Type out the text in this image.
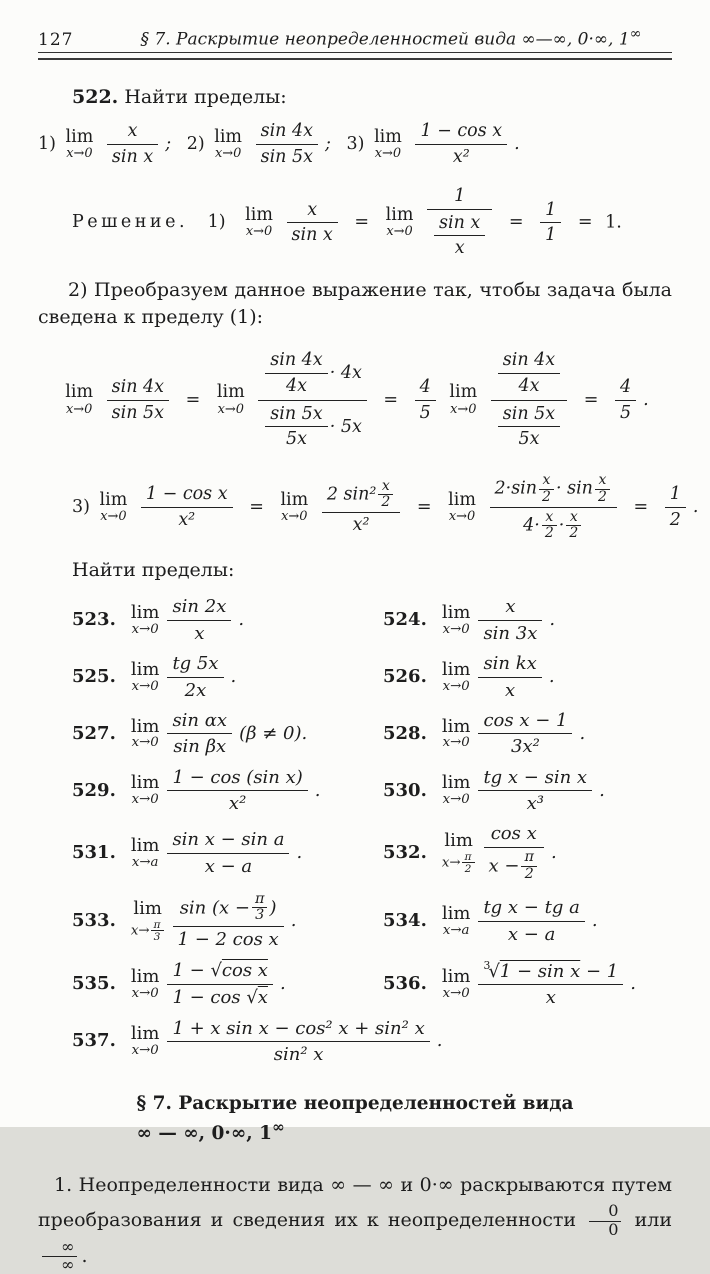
127	§ 7. Раскрытие неопределенностей вида ∞—∞, 0·∞, 1∞

522. Найти пределы:

1) lim
x→0
$\frac{x}{\text{sin x}}$ ; 2) lim
x→0
$\frac{\sin 4x}{\sin 5x}$ ; 3) lim
x→0
$\frac{\text{1 − cos x}}{\text{x²}}$ .
Решение. 1) lim
x→0
$\frac{x}{\text{sin x}} = \lim$
x→0
$\frac{1}{\frac{\text{sin x}}{x}} = \frac{1}{1} = 1$.

2) Преобразуем данное выражение так, чтобы задача была сведена к пределу (1):

lim
x→0
$\frac{\sin 4x}{\sin 5x} = \lim$
x→0
$\frac{\frac{\sin 4x}{4x} \cdot 4x}{\frac{\sin 5x}{5x} \cdot 5x} = \frac{4}{5}$
lim
x→0
$\frac{\frac{\sin 4x}{4x}}{\frac{\sin 5x}{5x}} = \frac{4}{5}$ .
3) lim
x→0
$\frac{\text{1 − cos x}}{\text{x²}} = \lim$
x→0
$\frac{2 \sin^2 \frac{x}{2}}{\text{x²}} = \lim$
x→0
$\frac{2\cdot\sin \frac{x}{2} \cdot \sin \frac{x}{2}}{4\cdot \frac{x}{2} \cdot \frac{x}{2}} = \frac{1}{2}$ .

Найти пределы:

523. lim
$x\to 0 \frac{\sin 2x}{x}$ .	524. lim
$x\to 0 \frac{x}{\sin 3x}$ .
525. lim
$x\to 0 \frac{tg 5x}{2x}$ .	526. lim
$x\to 0 \frac{\text{sin kx}}{x}$ .
527. lim
$x\to 0 \frac{\text{sin αx}}{\text{sin βx}} (\beta \ne 0)$.	528. lim
$x\to 0 \frac{\text{cos x − 1}}{\text{3x²}}$ .
529. lim
$x\to 0 \frac{\text{1 − cos (sin x)}}{\text{x²}}$ .	530. lim
$x\to 0 \frac{\text{tg x − sin x}}{\text{x³}}$ .
531. lim
$x\to a \frac{\text{sin x − sin a}}{x - a}$ .	532.
lim
$x\to \frac{\pi}{2} \frac{\text{cos x}}{x - \frac{\pi}{2}}$ .
533.
lim
$x\to \frac{\pi}{3} \frac{\sin (x - \frac{\pi}{3} )}{\text{1 − 2 cos x}}$ .	534. lim
$x\to a \frac{\text{tg x − tg a}}{x - a}$ .
535. lim
$x\to 0 \frac{\text{1 − √cos x}}{1 - \cos √x}$ .	536. lim
$x\to 0 \frac{^3√1 - \sin x - 1}{x}$ .
537. lim
$x\to 0 \frac{\text{1 + x sin x − cos² x + sin² x}}{\text{sin² x}}$ .
§ 7. Раскрытие неопределенностей вида
∞ — ∞, 0·∞, 1∞

1. Неопределенности вида ∞ — ∞ и 0·∞ раскрываются путем преобразования и сведения их к неопределенности $\frac{0}{0}$ или
$\frac{\infty}{\infty}$ .
